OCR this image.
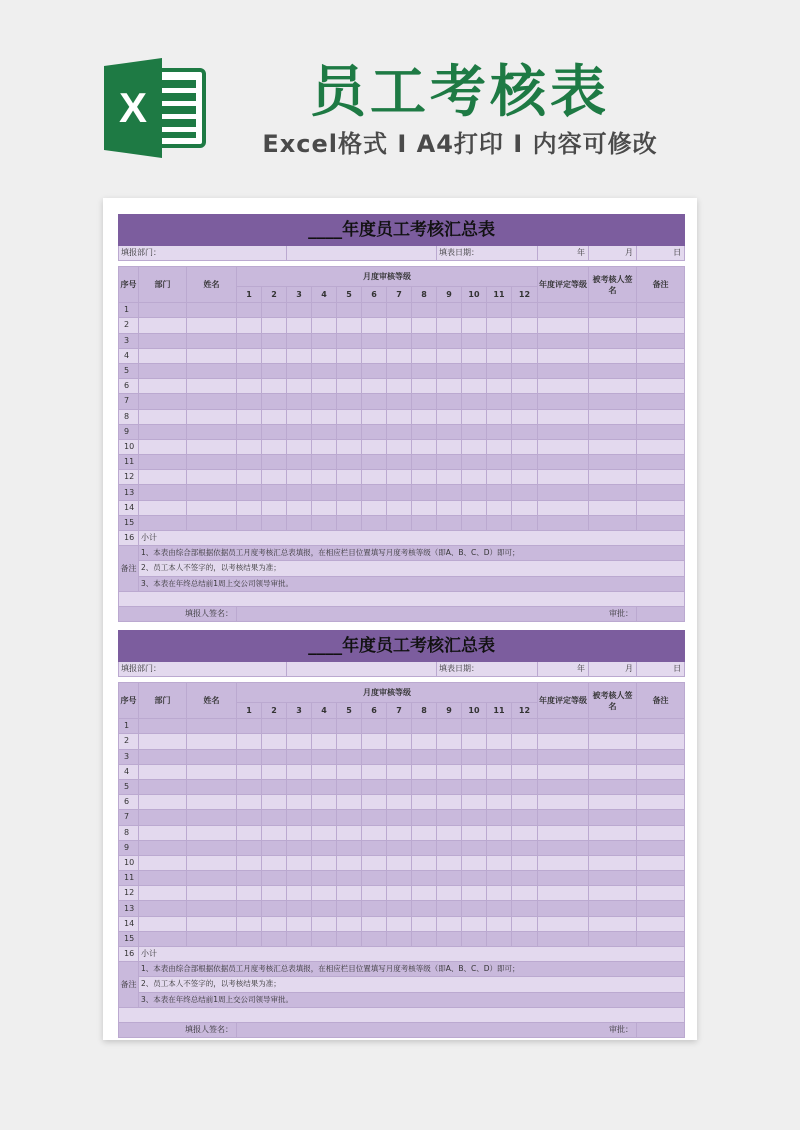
X	员工考核表
Excel格式 I A4打印 I 内容可修改
____年度员工考核汇总表																	
填报部门：											填表日期：				年	月	日

序号	部门	姓名	月度审核等级												年度评定等级	被考核人签名	备注
			1	2	3	4	5	6	7	8	9	10	11	12			
1																	
2																	
3																	
4																	
5																	
6																	
7																	
8																	
9																	
10																	
11																	
12																	
13																	
14																	
15																	
16	小计																
备注	1、本表由综合部根据依据员工月度考核汇总表填报，在相应栏目位置填写月度考核等级（即A、B、C、D）即可；																
	2、员工本人不签字的，以考核结果为准；																
	3、本表在年终总结前1周上交公司领导审批。																

填报人签名：			审批：														
____年度员工考核汇总表																	
填报部门：											填表日期：				年	月	日

序号	部门	姓名	月度审核等级												年度评定等级	被考核人签名	备注
			1	2	3	4	5	6	7	8	9	10	11	12			
1																	
2																	
3																	
4																	
5																	
6																	
7																	
8																	
9																	
10																	
11																	
12																	
13																	
14																	
15																	
16	小计																
备注	1、本表由综合部根据依据员工月度考核汇总表填报，在相应栏目位置填写月度考核等级（即A、B、C、D）即可；																
	2、员工本人不签字的，以考核结果为准；																
	3、本表在年终总结前1周上交公司领导审批。																

填报人签名：			审批：														
